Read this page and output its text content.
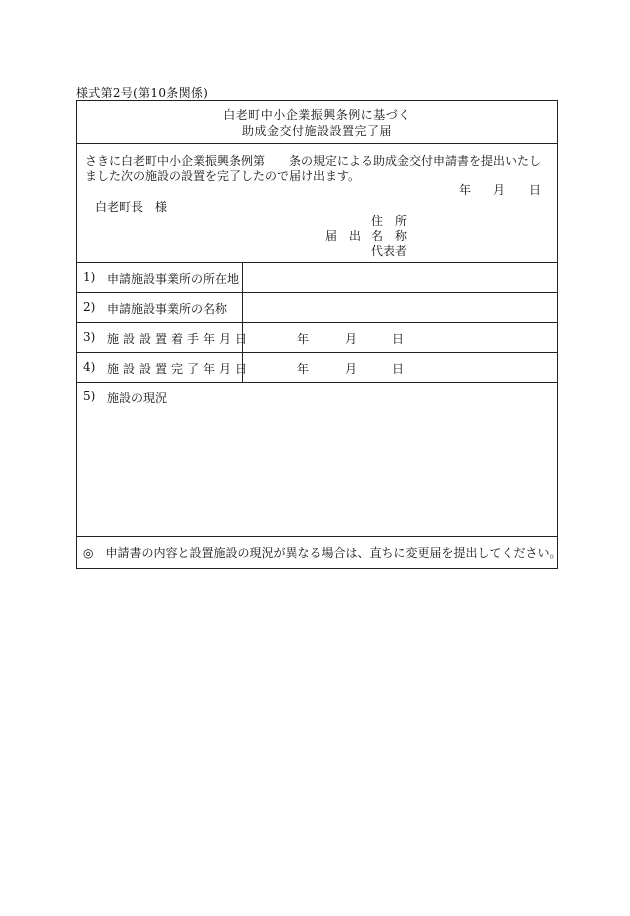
様式第2号(第10条関係)
白老町中小企業振興条例に基づく
助成金交付施設設置完了届
さきに白老町中小企業振興条例第　　条の規定による助成金交付申請書を提出いたし
ました次の施設の設置を完了したので届け出ます。
年 月 日
白老町長　様
住　所
届　出 名　称
代表者
1) 申請施設事業所の所在地
2) 申請施設事業所の名称
3) 施設設置着手年月日	年	月	日
4) 施設設置完了年月日	年	月	日
5) 施設の現況
◎　申請書の内容と設置施設の現況が異なる場合は、直ちに変更届を提出してください。
